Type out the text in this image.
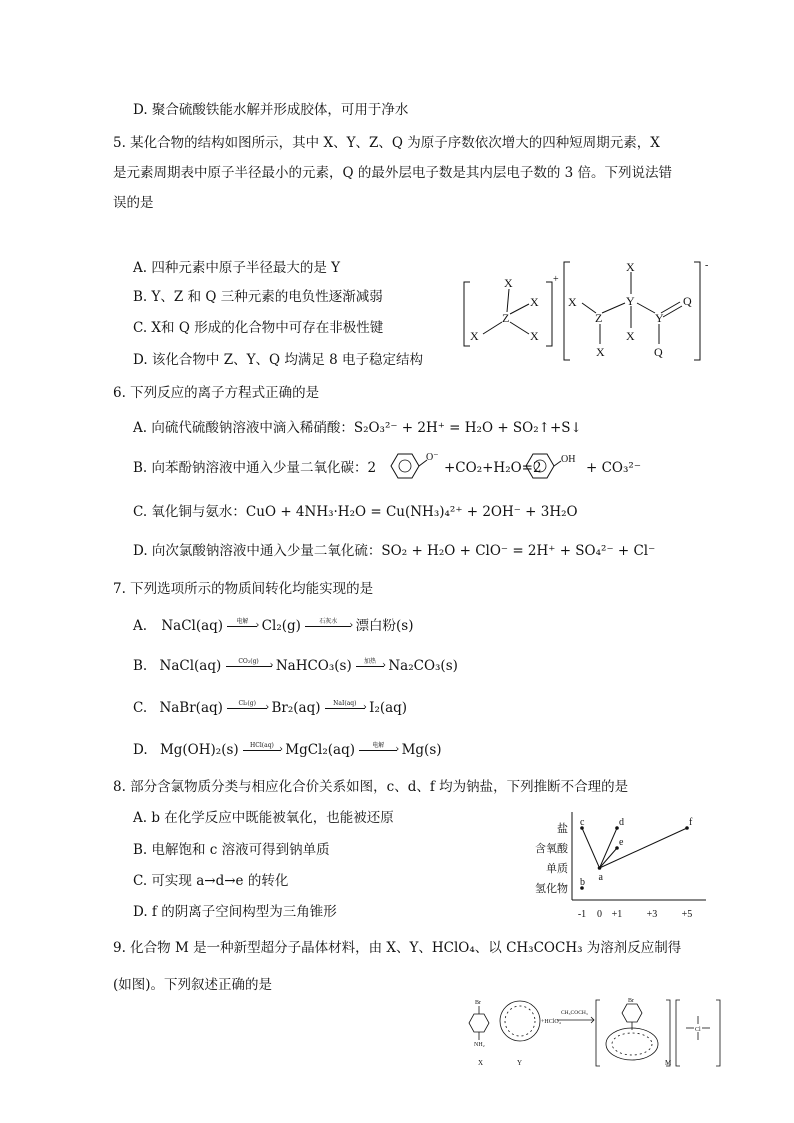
D. 聚合硫酸铁能水解并形成胶体，可用于净水
5. 某化合物的结构如图所示，其中 X、Y、Z、Q 为原子序数依次增大的四种短周期元素，X
是元素周期表中原子半径最小的元素，Q 的最外层电子数是其内层电子数的 3 倍。下列说法错
误的是
A. 四种元素中原子半径最大的是 Y
B. Y、Z 和 Q 三种元素的电负性逐渐减弱
C. X和 Q 形成的化合物中可存在非极性键
D. 该化合物中 Z、Y、Q 均满足 8 电子稳定结构
X
Z
X
X
X
+
X
Z
X
X
Y
X
Y
Q
Q
-
6. 下列反应的离子方程式正确的是
A. 向硫代硫酸钠溶液中滴入稀硝酸：S₂O₃²⁻ + 2H⁺ = H₂O + SO₂↑+S↓
B. 向苯酚钠溶液中通入少量二氧化碳：2
O⁻
+CO₂+H₂O=2
OH
+ CO₃²⁻
C. 氧化铜与氨水：CuO + 4NH₃·H₂O = Cu(NH₃)₄²⁺ + 2OH⁻ + 3H₂O
D. 向次氯酸钠溶液中通入少量二氧化硫：SO₂ + H₂O + ClO⁻ = 2H⁺ + SO₄²⁻ + Cl⁻
7. 下列选项所示的物质间转化均能实现的是
A. NaCl(aq)	电解 › Cl₂(g)	石灰水	› 漂白粉(s)
B. NaCl(aq)	CO₂(g)	› NaHCO₃(s)	加热 › Na₂CO₃(s)
C. NaBr(aq)	Cl₂(g) › Br₂(aq)	NaI(aq) › I₂(aq)
D. Mg(OH)₂(s)	HCl(aq) › MgCl₂(aq)	电解	› Mg(s)
8. 部分含氯物质分类与相应化合价关系如图，c、d、f 均为钠盐，下列推断不合理的是
A. b 在化学反应中既能被氧化，也能被还原
B. 电解饱和 c 溶液可得到钠单质
C. 可实现 a→d→e 的转化
D. f 的阴离子空间构型为三角锥形
氢化物
单质
含氧酸
盐
-1 0 +1 +3 +5
a
b
c	d
e
f
9. 化合物 M 是一种新型超分子晶体材料，由 X、Y、HClO₄、以 CH₃COCH₃ 为溶剂反应制得
(如图)。下列叙述正确的是
Br
NH₂
+HClO₄
CH₃COCH₃
Br
Cl
X	Y	M
